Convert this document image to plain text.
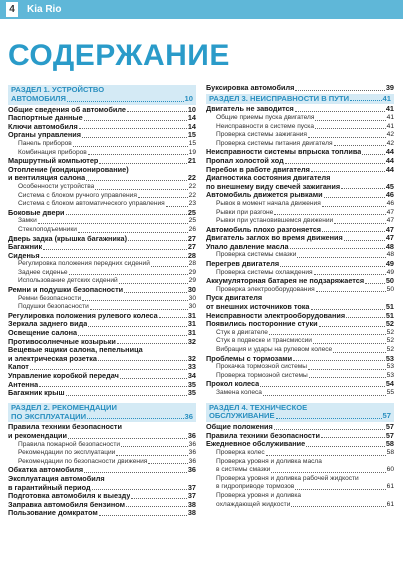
4	Kia Rio
СОДЕРЖАНИЕ
РАЗДЕЛ 1. УСТРОЙСТВО
АВТОМОБИЛЯ	10
Общие сведения об автомобиле	10
Паспортные данные	14
Ключи автомобиля	14
Органы управления	15
Панель приборов	15
Комбинация приборов	19
Маршрутный компьютер	21
Отопление (кондиционирование)
и вентиляция салона	22
Особенности устройства	22
Система с блоком ручного управления	22
Система с блоком автоматического управления	23
Боковые двери	25
Замки	25
Стеклоподъемники	26
Дверь задка (крышка багажника)	27
Багажник	27
Сиденья	28
Регулировка положения передних сидений	28
Заднее сиденье	29
Использование детских сидений	29
Ремни и подушки безопасности	30
Ремни безопасности	30
Подушки безопасности	30
Регулировка положения рулевого колеса	31
Зеркала заднего вида	31
Освещение салона	31
Противосолнечные козырьки	32
Вещевые ящики салона, пепельница
и электрическая розетка	32
Капот	33
Управление коробкой передач	34
Антенна	35
Багажник крыш	35
РАЗДЕЛ 2. РЕКОМЕНДАЦИИ
ПО ЭКСПЛУАТАЦИИ	36
Правила техники безопасности
и рекомендации	36
Правила пожарной безопасности	36
Рекомендации по эксплуатации	36
Рекомендации по безопасности движения	36
Обкатка автомобиля	36
Эксплуатация автомобиля
в гарантийный период	37
Подготовка автомобиля к выезду	37
Заправка автомобиля бензином	38
Пользование домкратом	38
Буксировка автомобиля	39
РАЗДЕЛ 3. НЕИСПРАВНОСТИ В ПУТИ	41
Двигатель не заводится	41
Общие приемы пуска двигателя	41
Неисправности в системе пуска	41
Проверка системы зажигания	42
Проверка системы питания двигателя	42
Неисправности системы впрыска топлива	44
Пропал холостой ход	44
Перебои в работе двигателя	44
Диагностика состояния двигателя
по внешнему виду свечей зажигания	45
Автомобиль движется рывками	46
Рывок в момент начала движения	46
Рывки при разгоне	47
Рывки при установившемся движении	47
Автомобиль плохо разгоняется	47
Двигатель заглох во время движения	47
Упало давление масла	48
Проверка системы смазки	48
Перегрев двигателя	49
Проверка системы охлаждения	49
Аккумуляторная батарея не подзаряжается	50
Проверка электрооборудования	50
Пуск двигателя
от внешних источников тока	51
Неисправности электрооборудования	51
Появились посторонние стуки	52
Стук в двигателе	52
Стук в подвеске и трансмиссии	52
Вибрация и удары на рулевом колесе	52
Проблемы с тормозами	53
Прокачка тормозной системы	53
Проверка тормозной системы	53
Прокол колеса	54
Замена колеса	55
РАЗДЕЛ 4. ТЕХНИЧЕСКОЕ
ОБСЛУЖИВАНИЕ	57
Общие положения	57
Правила техники безопасности	57
Ежедневное обслуживание	58
Проверка колес	58
Проверка уровня и доливка масла
в системы смазки	60
Проверка уровня и доливка рабочей жидкости
в гидроприводе тормозов	61
Проверка уровня и доливка
охлаждающей жидкости	61
